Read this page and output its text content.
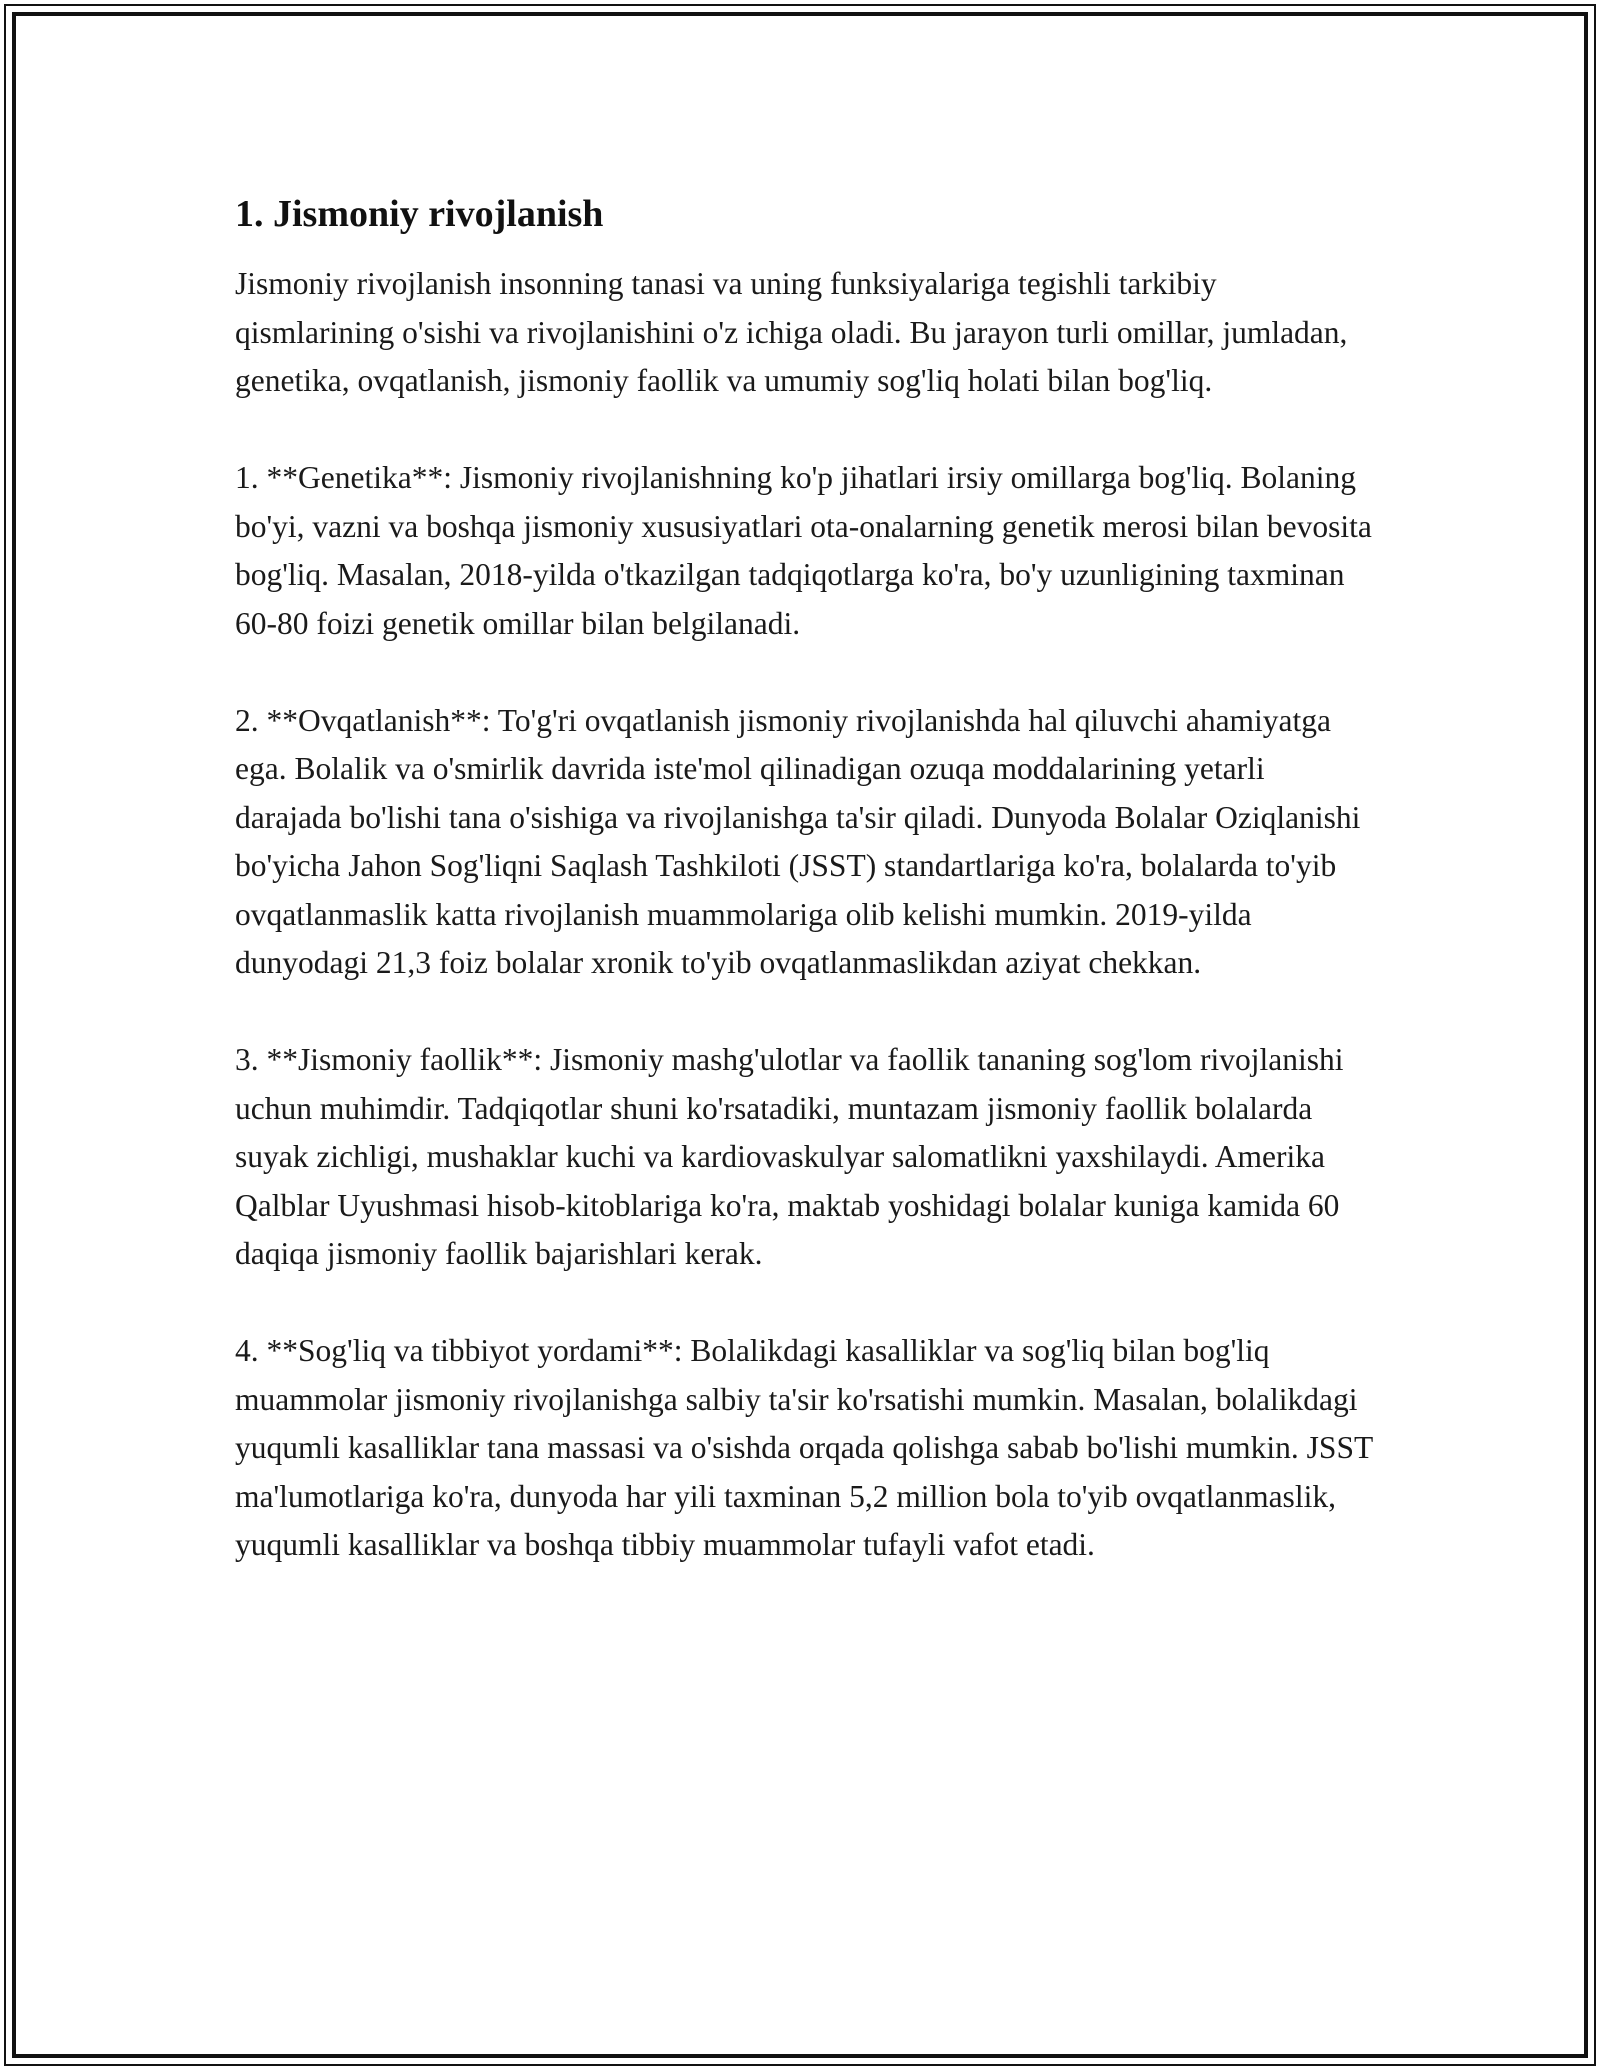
1. Jismoniy rivojlanish

Jismoniy rivojlanish insonning tanasi va uning funksiyalariga tegishli tarkibiy qismlarining o'sishi va rivojlanishini o'z ichiga oladi. Bu jarayon turli omillar, jumladan, genetika, ovqatlanish, jismoniy faollik va umumiy sog'liq holati bilan bog'liq.

1. **Genetika**: Jismoniy rivojlanishning ko'p jihatlari irsiy omillarga bog'liq. Bolaning bo'yi, vazni va boshqa jismoniy xususiyatlari ota-onalarning genetik merosi bilan bevosita bog'liq. Masalan, 2018-yilda o'tkazilgan tadqiqotlarga ko'ra, bo'y uzunligining taxminan 60-80 foizi genetik omillar bilan belgilanadi.

2. **Ovqatlanish**: To'g'ri ovqatlanish jismoniy rivojlanishda hal qiluvchi ahamiyatga ega. Bolalik va o'smirlik davrida iste'mol qilinadigan ozuqa moddalarining yetarli darajada bo'lishi tana o'sishiga va rivojlanishga ta'sir qiladi. Dunyoda Bolalar Oziqlanishi bo'yicha Jahon Sog'liqni Saqlash Tashkiloti (JSST) standartlariga ko'ra, bolalarda to'yib ovqatlanmaslik katta rivojlanish muammolariga olib kelishi mumkin. 2019-yilda dunyodagi 21,3 foiz bolalar xronik to'yib ovqatlanmaslikdan aziyat chekkan.

3. **Jismoniy faollik**: Jismoniy mashg'ulotlar va faollik tananing sog'lom rivojlanishi uchun muhimdir. Tadqiqotlar shuni ko'rsatadiki, muntazam jismoniy faollik bolalarda suyak zichligi, mushaklar kuchi va kardiovaskulyar salomatlikni yaxshilaydi. Amerika Qalblar Uyushmasi hisob-kitoblariga ko'ra, maktab yoshidagi bolalar kuniga kamida 60 daqiqa jismoniy faollik bajarishlari kerak.

4. **Sog'liq va tibbiyot yordami**: Bolalikdagi kasalliklar va sog'liq bilan bog'liq muammolar jismoniy rivojlanishga salbiy ta'sir ko'rsatishi mumkin. Masalan, bolalikdagi yuqumli kasalliklar tana massasi va o'sishda orqada qolishga sabab bo'lishi mumkin. JSST ma'lumotlariga ko'ra, dunyoda har yili taxminan 5,2 million bola to'yib ovqatlanmaslik, yuqumli kasalliklar va boshqa tibbiy muammolar tufayli vafot etadi.
